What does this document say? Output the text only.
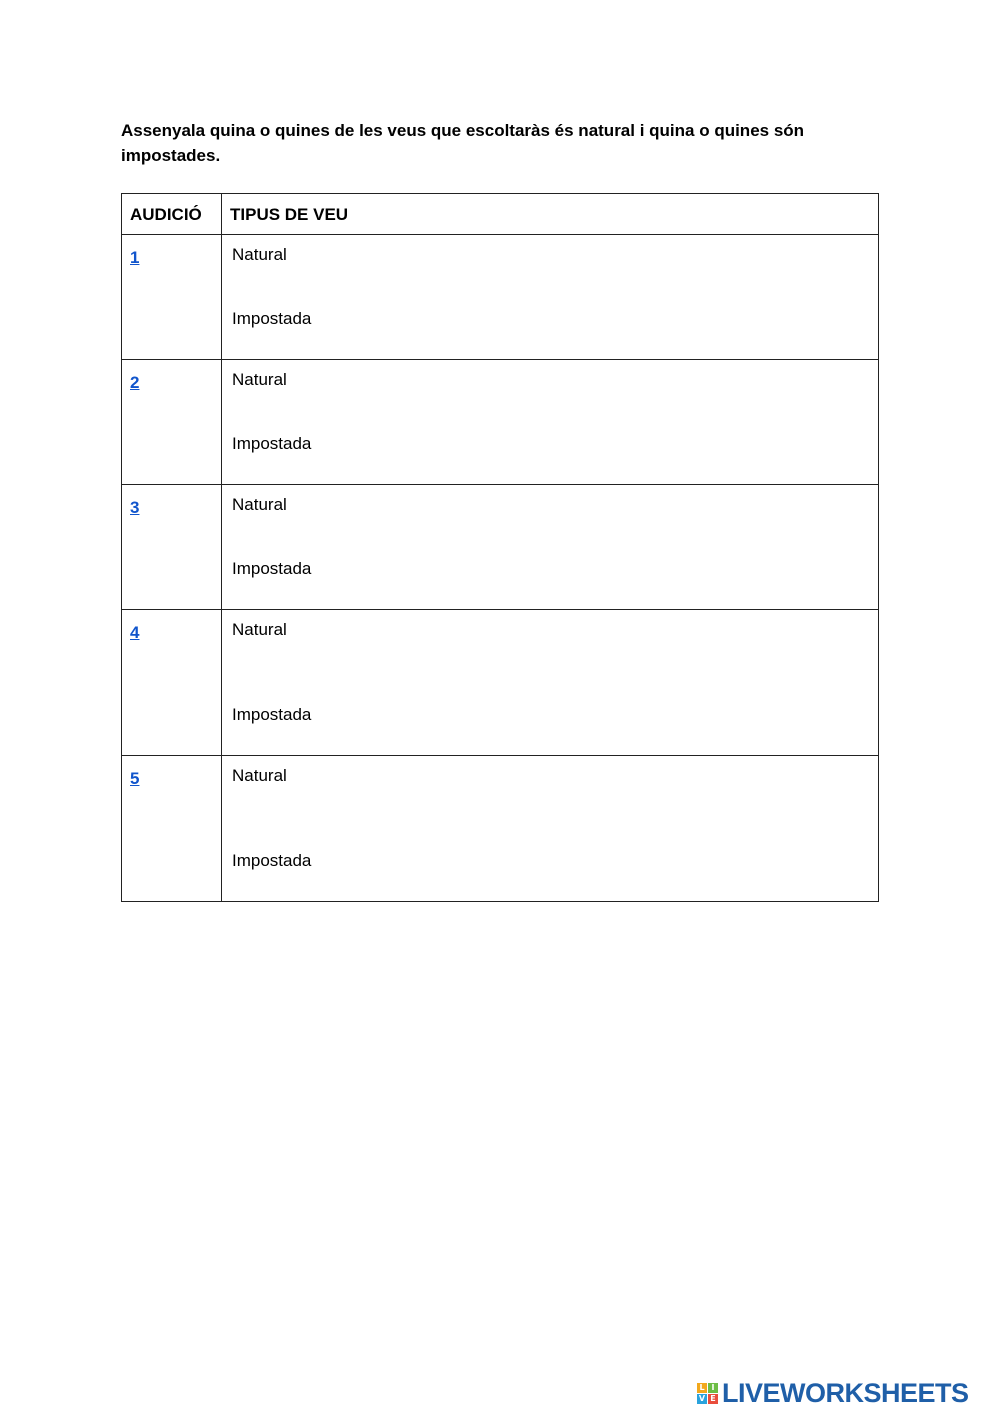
Assenyala quina o quines de les veus que escoltaràs és natural i quina o quines són impostades.

AUDICIÓ	TIPUS DE VEU

1	Natural
Impostada

2	Natural
Impostada

3	Natural
Impostada

4	Natural
Impostada

5	Natural
Impostada
L I
V E LIVEWORKSHEETS
